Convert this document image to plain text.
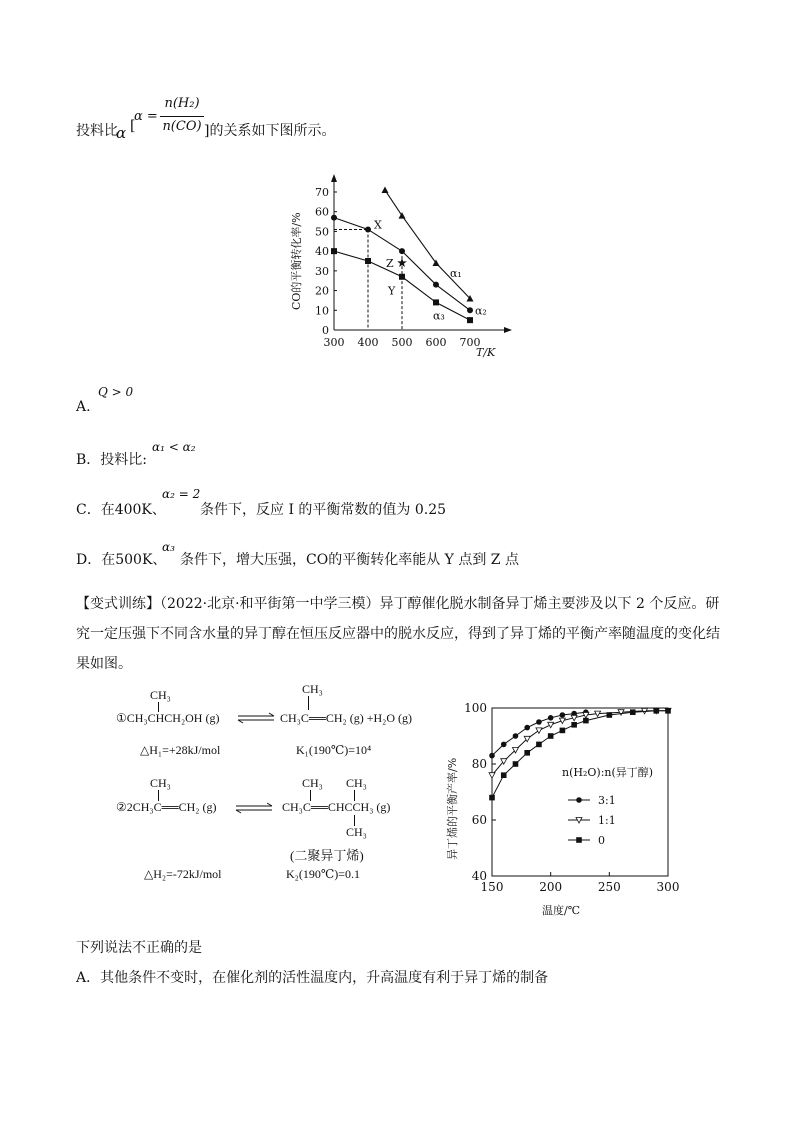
投料比
α [
α =
n(H₂)
n(CO) ]的关系如下图所示。
70
60
50
40
30
20
10
0
300 400 500 600 700
X
Z
Y
α₁
α₂
α₃
CO的平衡转化率/%
T/K
A.
Q > 0
B．投料比:
α₁ < α₂
C．在400K、
α₂ = 2
条件下，反应 I 的平衡常数的值为 0.25
D．在500K、
α₃
条件下，增大压强，CO的平衡转化率能从 Y 点到 Z 点
【变式训练】（2022·北京·和平街第一中学三模）异丁醇催化脱水制备异丁烯主要涉及以下 2 个反应。研
究一定压强下不同含水量的异丁醇在恒压反应器中的脱水反应，得到了异丁烯的平衡产率随温度的变化结
果如图。
CH₃
①CH₃CHCH₂OH (g)
CH₃
CH₃C══CH₂ (g) +H₂O (g)
△H₁=+28kJ/mol	K₁(190℃)=10⁴
CH₃
②2CH₃C══CH₂ (g)
CH₃ CH₃
CH₃C══CHCCH₃ (g)
CH₃
(二聚异丁烯)
△H₂=-72kJ/mol	K₂(190℃)=0.1
100
80
60
40
150	200	250	300
异丁烯的平衡产率/%
温度/℃
n(H₂O):n(异丁醇)
3:1
1:1
0
下列说法不正确的是
A．其他条件不变时，在催化剂的活性温度内，升高温度有利于异丁烯的制备
